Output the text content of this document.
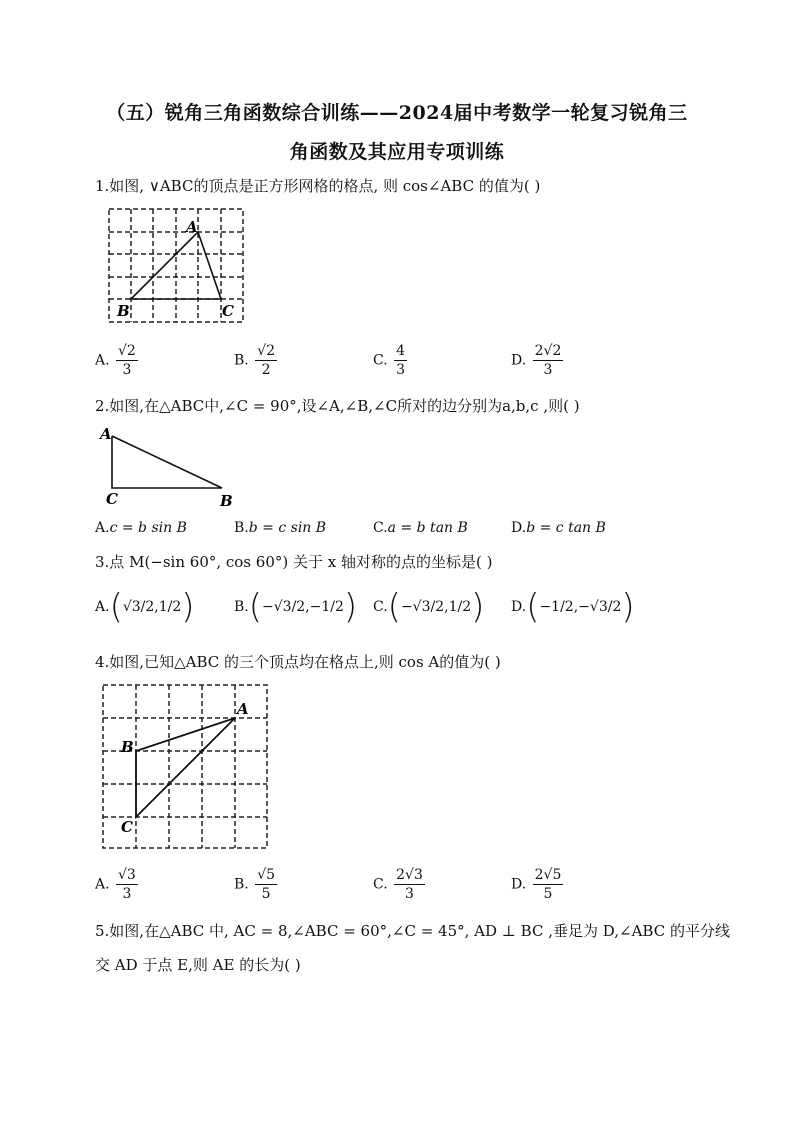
（五）锐角三角函数综合训练——2024届中考数学一轮复习锐角三
角函数及其应用专项训练
1.如图, ∨ABC的顶点是正方形网格的格点, 则 cos∠ABC 的值为( )
A
B	C
A. $\frac{√2}{3}$	B. $\frac{√2}{2}$	C. $\frac{4}{3}$	D. $\frac{2√2}{3}$
2.如图,在△ABC中,∠C = 90°,设∠A,∠B,∠C所对的边分别为a,b,c ,则( )
A
C	B
A.c = b sin B	B.b = c sin B	C.a = b tan B	D.b = c tan B
3.点 M(−sin 60°, cos 60°) 关于 x 轴对称的点的坐标是( )
A.(√3/2,1/2)	B.(−√3/2,−1/2) C.(−√3/2,1/2) D.(−1/2,−√3/2)
4.如图,已知△ABC 的三个顶点均在格点上,则 cos A的值为( )
A
B
C
A. $\frac{√3}{3}$	B. $\frac{√5}{5}$	C. $\frac{2√3}{3}$	D. $\frac{2√5}{5}$
5.如图,在△ABC 中, AC = 8,∠ABC = 60°,∠C = 45°, AD ⊥ BC ,垂足为 D,∠ABC 的平分线
交 AD 于点 E,则 AE 的长为( )
